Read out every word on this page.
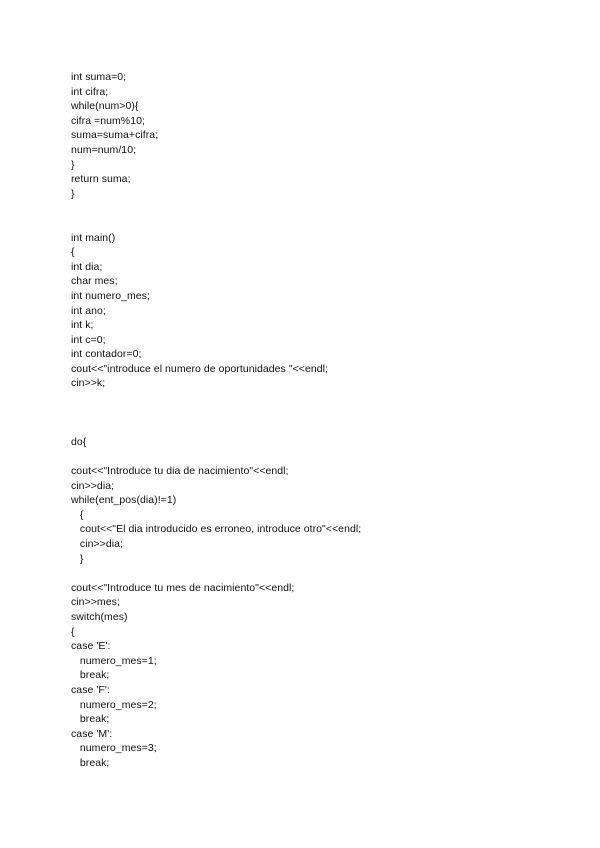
int suma=0;
int cifra;
while(num>0){
cifra =num%10;
suma=suma+cifra;
num=num/10;
}
return suma;
}
int main()
{
int dia;
char mes;
int numero_mes;
int ano;
int k;
int c=0;
int contador=0;
cout<<"introduce el numero de oportunidades "<<endl;
cin>>k;
do{
cout<<"Introduce tu dia de nacimiento"<<endl;
cin>>dia;
while(ent_pos(dia)!=1)
{
cout<<"El dia introducido es erroneo, introduce otro"<<endl;
cin>>dia;
}
cout<<"Introduce tu mes de nacimiento"<<endl;
cin>>mes;
switch(mes)
{
case 'E':
numero_mes=1;
break;
case 'F':
numero_mes=2;
break;
case 'M':
numero_mes=3;
break;
